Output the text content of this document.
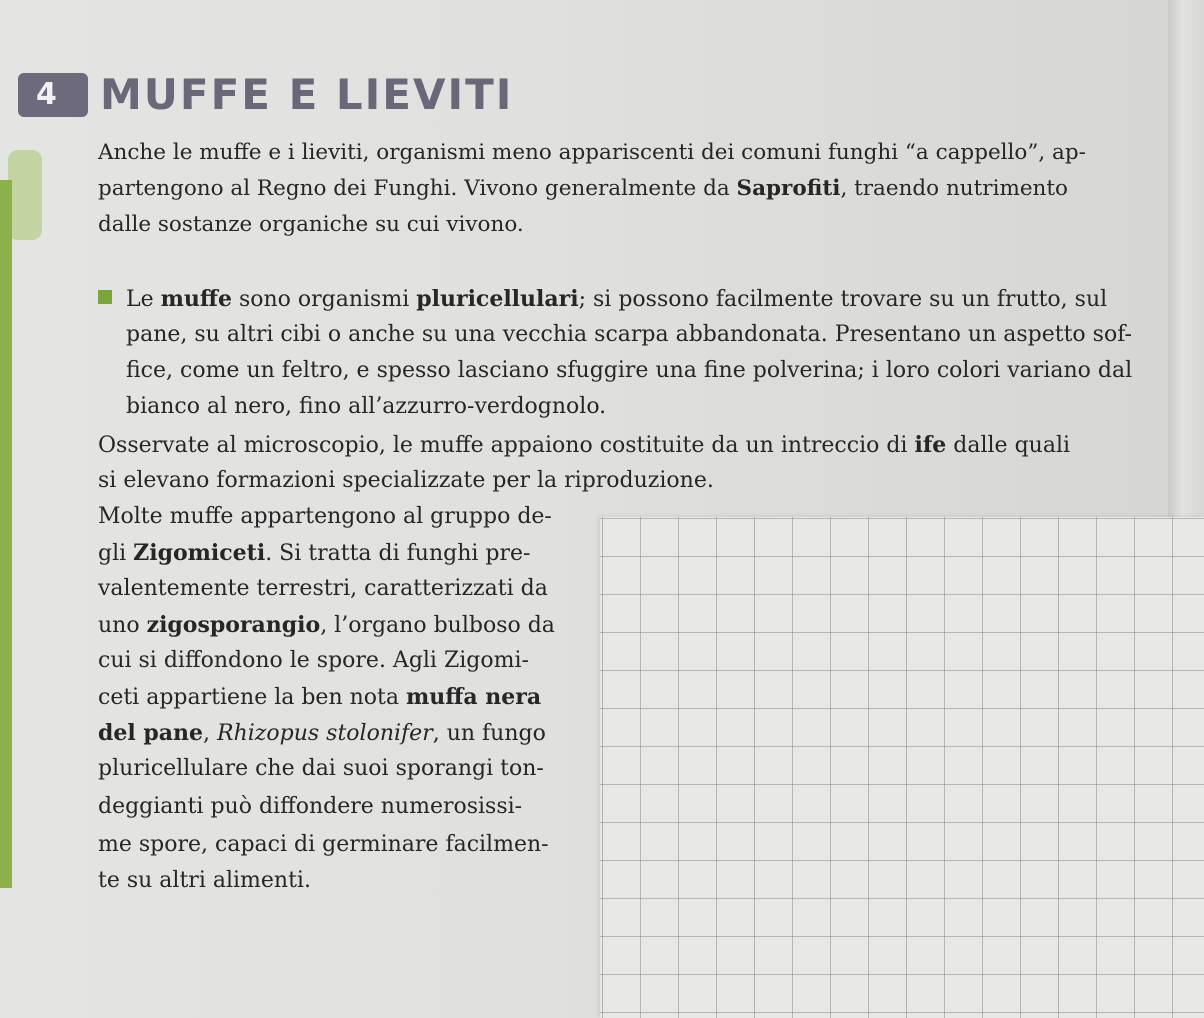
4	MUFFE E LIEVITI
Anche le muffe e i lieviti, organismi meno appariscenti dei comuni funghi “a cappello”, ap-
partengono al Regno dei Funghi. Vivono generalmente da Saprofiti, traendo nutrimento
dalle sostanze organiche su cui vivono.
Le muffe sono organismi pluricellulari; si possono facilmente trovare su un frutto, sul
pane, su altri cibi o anche su una vecchia scarpa abbandonata. Presentano un aspetto sof-
fice, come un feltro, e spesso lasciano sfuggire una fine polverina; i loro colori variano dal
bianco al nero, fino all’azzurro-verdognolo.
Osservate al microscopio, le muffe appaiono costituite da un intreccio di ife dalle quali
si elevano formazioni specializzate per la riproduzione.
Molte muffe appartengono al gruppo de-
gli Zigomiceti. Si tratta di funghi pre-
valentemente terrestri, caratterizzati da
uno zigosporangio, l’organo bulboso da
cui si diffondono le spore. Agli Zigomi-
ceti appartiene la ben nota muffa nera
del pane, Rhizopus stolonifer, un fungo
pluricellulare che dai suoi sporangi ton-
deggianti può diffondere numerosissi-
me spore, capaci di germinare facilmen-
te su altri alimenti.
